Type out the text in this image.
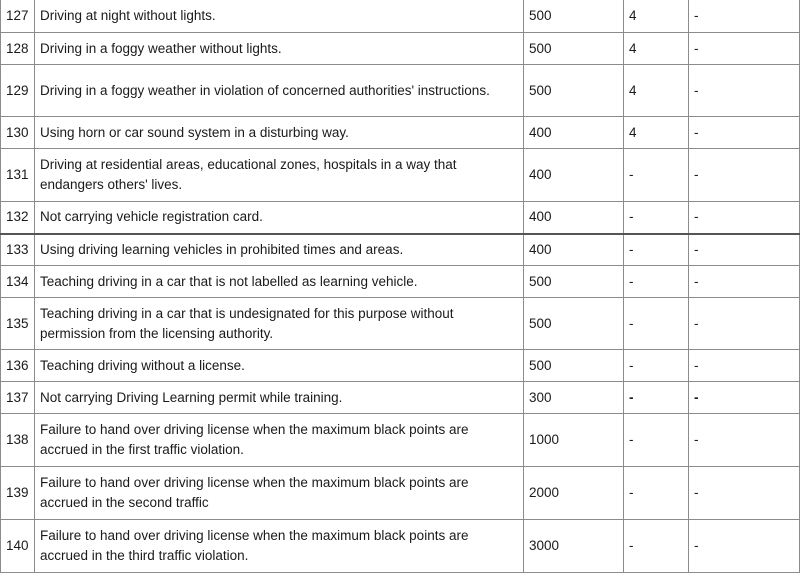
127	Driving at night without lights.	500	4	-
128	Driving in a foggy weather without lights.	500	4	-
129	Driving in a foggy weather in violation of concerned authorities' instructions.	500	4	-
130	Using horn or car sound system in a disturbing way.	400	4	-
131	Driving at residential areas, educational zones, hospitals in a way that endangers others' lives.	400	-	-
132	Not carrying vehicle registration card.	400	-	-
133	Using driving learning vehicles in prohibited times and areas.	400	-	-
134	Teaching driving in a car that is not labelled as learning vehicle.	500	-	-
135	Teaching driving in a car that is undesignated for this purpose without permission from the licensing authority.	500	-	-
136	Teaching driving without a license.	500	-	-
137	Not carrying Driving Learning permit while training.	300	-	-
138	Failure to hand over driving license when the maximum black points are accrued in the first traffic violation.	1000	-	-
139	Failure to hand over driving license when the maximum black points are accrued in the second traffic	2000	-	-
140	Failure to hand over driving license when the maximum black points are accrued in the third traffic violation.	3000	-	-
